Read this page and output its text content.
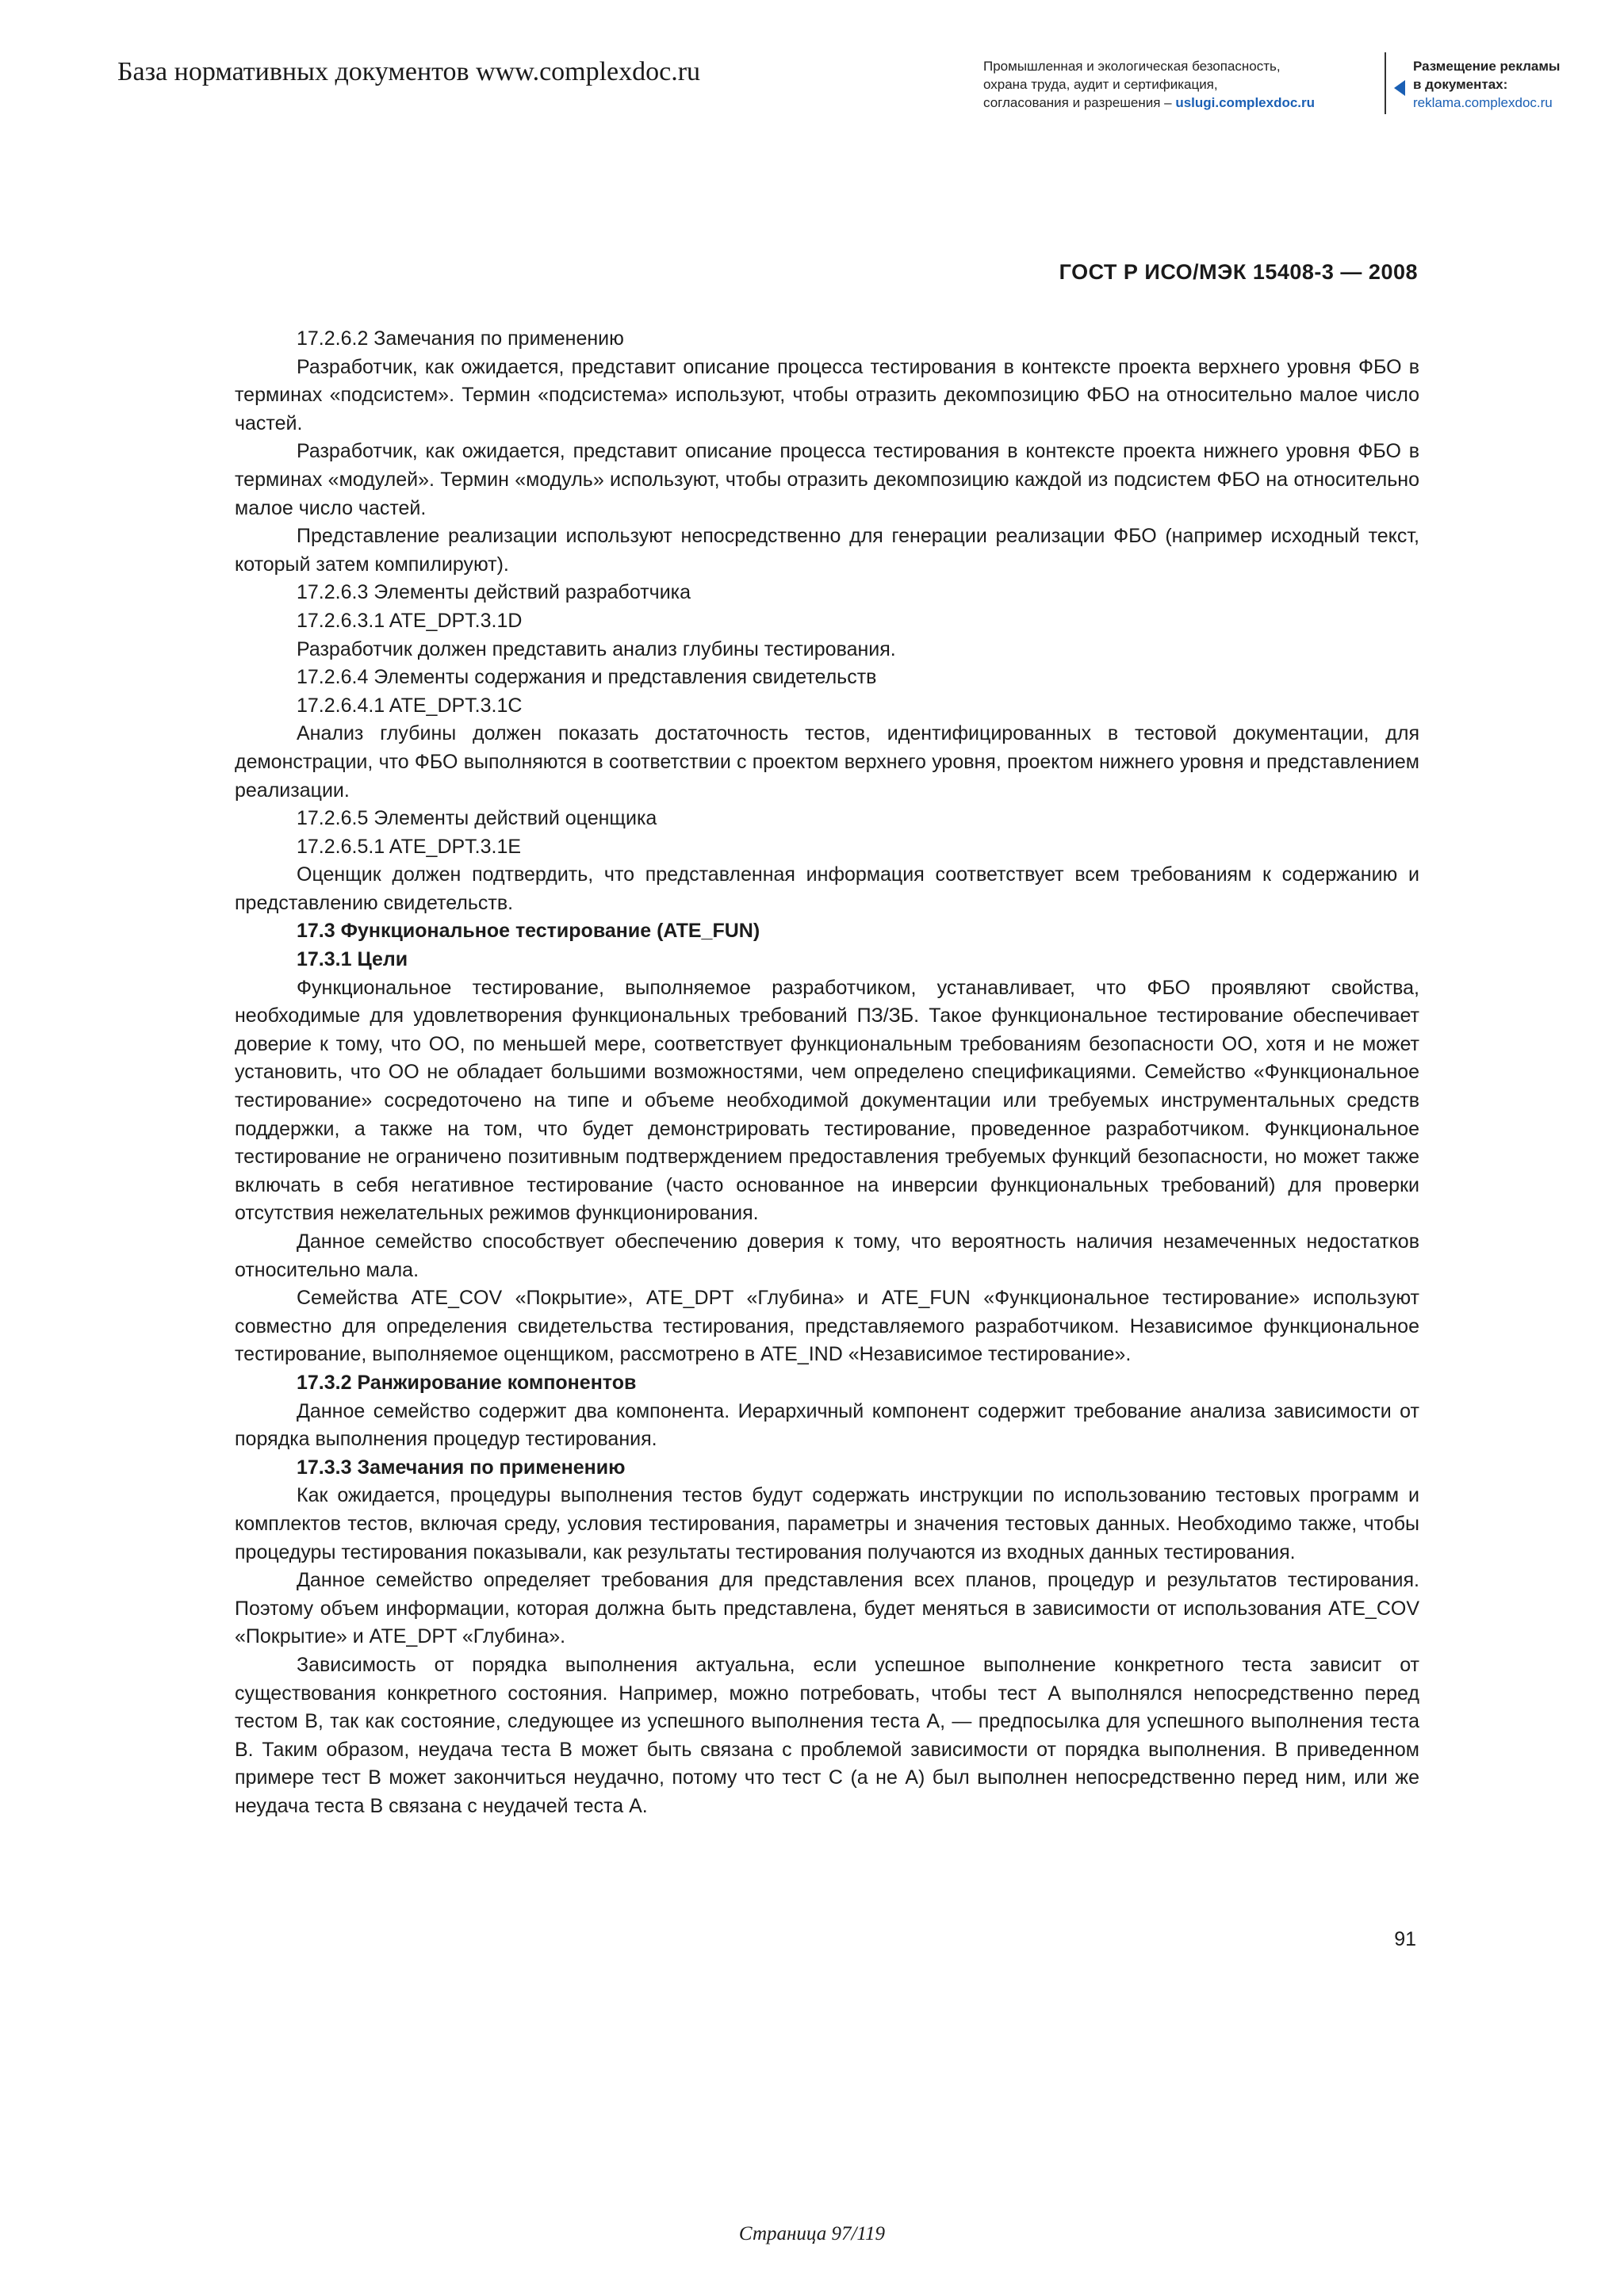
База нормативных документов www.complexdoc.ru	Промышленная и экологическая безопасность,
охрана труда, аудит и сертификация,
согласования и разрешения – uslugi.complexdoc.ru
Размещение рекламы
в документах:
reklama.complexdoc.ru
ГОСТ Р ИСО/МЭК 15408-3 — 2008

17.2.6.2 Замечания по применению

Разработчик, как ожидается, представит описание процесса тестирования в контексте проекта верхнего уровня ФБО в терминах «подсистем». Термин «подсистема» используют, чтобы отразить декомпозицию ФБО на относительно малое число частей.

Разработчик, как ожидается, представит описание процесса тестирования в контексте проекта нижнего уровня ФБО в терминах «модулей». Термин «модуль» используют, чтобы отразить декомпозицию каждой из подсистем ФБО на относительно малое число частей.

Представление реализации используют непосредственно для генерации реализации ФБО (например исходный текст, который затем компилируют).

17.2.6.3 Элементы действий разработчика

17.2.6.3.1 ATE_DPT.3.1D

Разработчик должен представить анализ глубины тестирования.

17.2.6.4 Элементы содержания и представления свидетельств

17.2.6.4.1 ATE_DPT.3.1C

Анализ глубины должен показать достаточность тестов, идентифицированных в тестовой документации, для демонстрации, что ФБО выполняются в соответствии с проектом верхнего уровня, проектом нижнего уровня и представлением реализации.

17.2.6.5 Элементы действий оценщика

17.2.6.5.1 ATE_DPT.3.1E

Оценщик должен подтвердить, что представленная информация соответствует всем требованиям к содержанию и представлению свидетельств.

17.3 Функциональное тестирование (ATE_FUN)

17.3.1 Цели

Функциональное тестирование, выполняемое разработчиком, устанавливает, что ФБО проявляют свойства, необходимые для удовлетворения функциональных требований ПЗ/ЗБ. Такое функциональное тестирование обеспечивает доверие к тому, что ОО, по меньшей мере, соответствует функциональным требованиям безопасности ОО, хотя и не может установить, что ОО не обладает большими возможностями, чем определено спецификациями. Семейство «Функциональное тестирование» сосредоточено на типе и объеме необходимой документации или требуемых инструментальных средств поддержки, а также на том, что будет демонстрировать тестирование, проведенное разработчиком. Функциональное тестирование не ограничено позитивным подтверждением предоставления требуемых функций безопасности, но может также включать в себя негативное тестирование (часто основанное на инверсии функциональных требований) для проверки отсутствия нежелательных режимов функционирования.

Данное семейство способствует обеспечению доверия к тому, что вероятность наличия незамеченных недостатков относительно мала.

Семейства ATE_COV «Покрытие», ATE_DPT «Глубина» и ATE_FUN «Функциональное тестирование» используют совместно для определения свидетельства тестирования, представляемого разработчиком. Независимое функциональное тестирование, выполняемое оценщиком, рассмотрено в ATE_IND «Независимое тестирование».

17.3.2 Ранжирование компонентов

Данное семейство содержит два компонента. Иерархичный компонент содержит требование анализа зависимости от порядка выполнения процедур тестирования.

17.3.3 Замечания по применению

Как ожидается, процедуры выполнения тестов будут содержать инструкции по использованию тестовых программ и комплектов тестов, включая среду, условия тестирования, параметры и значения тестовых данных. Необходимо также, чтобы процедуры тестирования показывали, как результаты тестирования получаются из входных данных тестирования.

Данное семейство определяет требования для представления всех планов, процедур и результатов тестирования. Поэтому объем информации, которая должна быть представлена, будет меняться в зависимости от использования ATE_COV «Покрытие» и ATE_DPT «Глубина».

Зависимость от порядка выполнения актуальна, если успешное выполнение конкретного теста зависит от существования конкретного состояния. Например, можно потребовать, чтобы тест A выполнялся непосредственно перед тестом B, так как состояние, следующее из успешного выполнения теста A, — предпосылка для успешного выполнения теста B. Таким образом, неудача теста B может быть связана с проблемой зависимости от порядка выполнения. В приведенном примере тест B может закончиться неудачно, потому что тест C (а не A) был выполнен непосредственно перед ним, или же неудача теста B связана с неудачей теста A.

91
Страница 97/119
